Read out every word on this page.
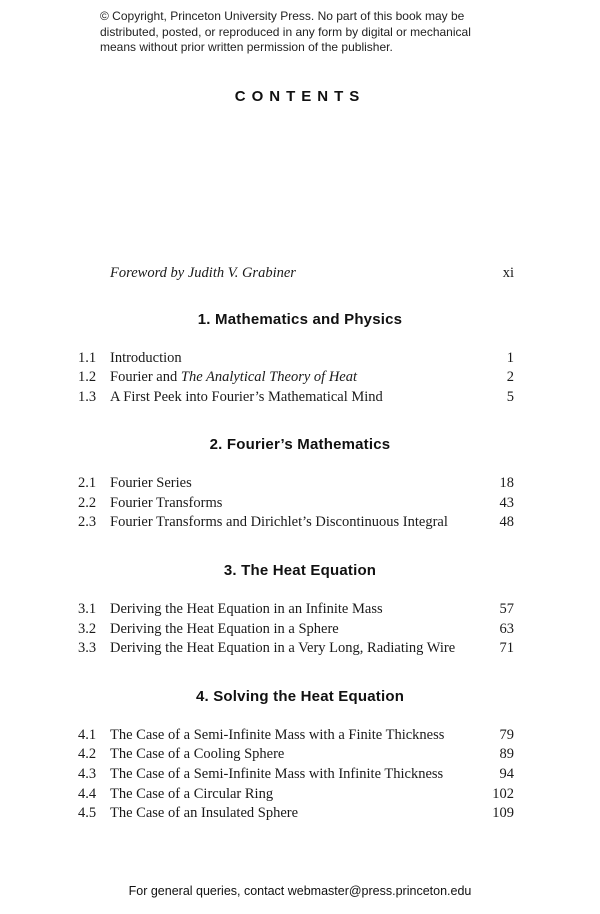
© Copyright, Princeton University Press. No part of this book may be distributed, posted, or reproduced in any form by digital or mechanical means without prior written permission of the publisher.
CONTENTS
Foreword by Judith V. Grabiner	xi
1. Mathematics and Physics
1.1 Introduction	1
1.2 Fourier and The Analytical Theory of Heat	2
1.3 A First Peek into Fourier’s Mathematical Mind	5
2. Fourier’s Mathematics
2.1 Fourier Series	18
2.2 Fourier Transforms	43
2.3 Fourier Transforms and Dirichlet’s Discontinuous Integral	48
3. The Heat Equation
3.1 Deriving the Heat Equation in an Infinite Mass	57
3.2 Deriving the Heat Equation in a Sphere	63
3.3 Deriving the Heat Equation in a Very Long, Radiating Wire	71
4. Solving the Heat Equation
4.1 The Case of a Semi-Infinite Mass with a Finite Thickness	79
4.2 The Case of a Cooling Sphere	89
4.3 The Case of a Semi-Infinite Mass with Infinite Thickness	94
4.4 The Case of a Circular Ring	102
4.5 The Case of an Insulated Sphere	109
For general queries, contact webmaster@press.princeton.edu
